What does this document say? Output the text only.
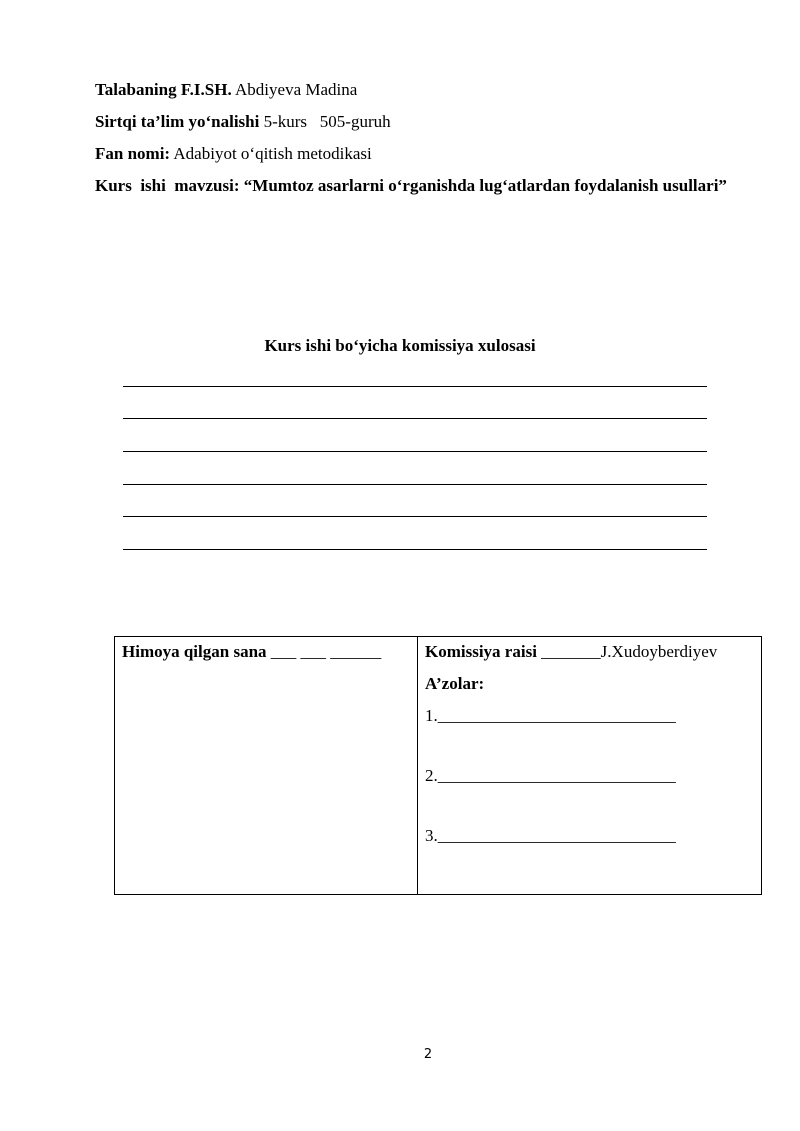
Talabaning F.I.SH. Abdiyeva Madina
Sirtqi ta’lim yo‘nalishi 5-kurs   505-guruh
Fan nomi: Adabiyot o‘qitish metodikasi
Kurs  ishi  mavzusi: “Mumtoz asarlarni o‘rganishda lug‘atlardan foydalanish usullari”
Kurs ishi bo‘yicha komissiya xulosasi
Himoya qilgan sana ___ ___ ______	Komissiya raisi _______J.Xudoyberdiyev
A’zolar:
1.____________________________
2.____________________________
3.____________________________
2
